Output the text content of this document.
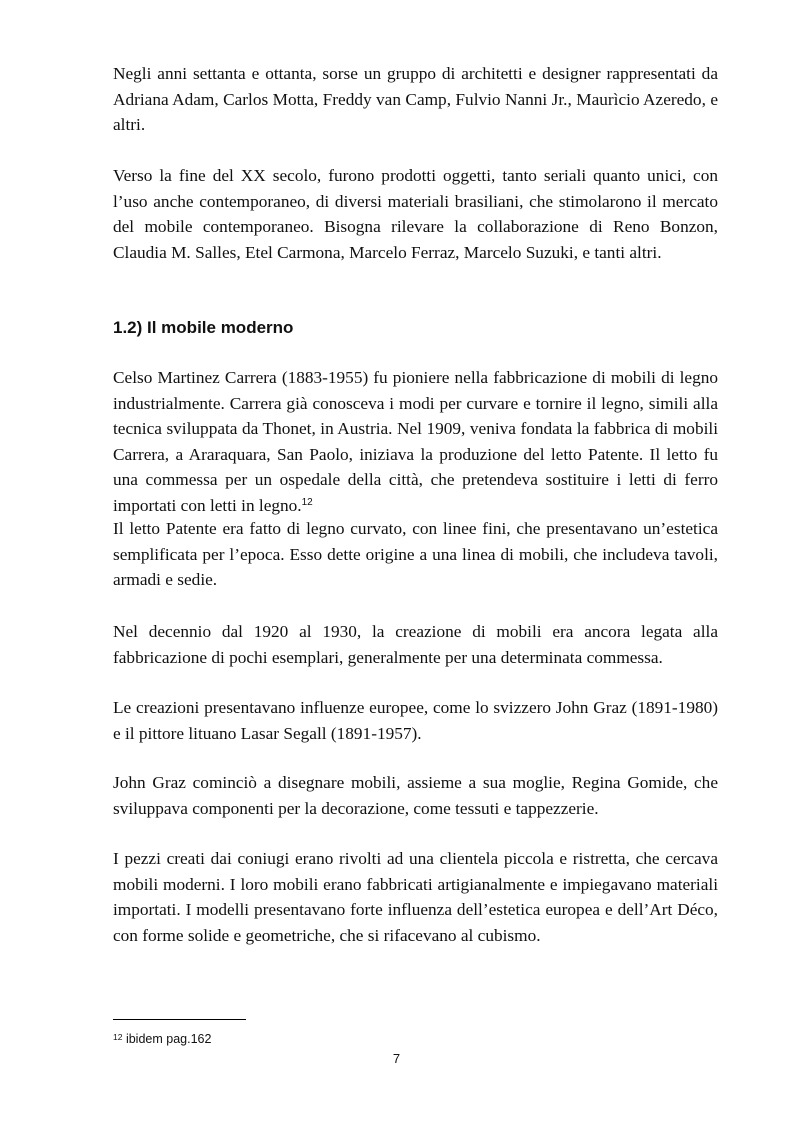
Negli anni settanta e ottanta, sorse un gruppo di architetti e designer rappresentati da Adriana Adam, Carlos Motta, Freddy van Camp, Fulvio Nanni Jr., Maurìcio Azeredo, e altri.

Verso la fine del XX secolo, furono prodotti oggetti, tanto seriali quanto unici, con l’uso anche contemporaneo, di diversi materiali brasiliani, che stimolarono il mercato del mobile contemporaneo. Bisogna rilevare la collaborazione di Reno Bonzon, Claudia M. Salles, Etel Carmona, Marcelo Ferraz, Marcelo Suzuki, e tanti altri.

1.2) Il mobile moderno

Celso Martinez Carrera (1883-1955) fu pioniere nella fabbricazione di mobili di legno industrialmente. Carrera già conosceva i modi per curvare e tornire il legno, simili alla tecnica sviluppata da Thonet, in Austria. Nel 1909, veniva fondata la fabbrica di mobili Carrera, a Araraquara, San Paolo, iniziava la produzione del letto Patente. Il letto fu una commessa per un ospedale della città, che pretendeva sostituire i letti di ferro importati con letti in legno.$^{12}$

Il letto Patente era fatto di legno curvato, con linee fini, che presentavano un’estetica semplificata per l’epoca. Esso dette origine a una linea di mobili, che includeva tavoli, armadi e sedie.

Nel decennio dal 1920 al 1930, la creazione di mobili era ancora legata alla fabbricazione di pochi esemplari, generalmente per una determinata commessa.

Le creazioni presentavano influenze europee, come lo svizzero John Graz (1891-1980) e il pittore lituano Lasar Segall (1891-1957).

John Graz cominciò a disegnare mobili, assieme a sua moglie, Regina Gomide, che sviluppava componenti per la decorazione, come tessuti e tappezzerie.

I pezzi creati dai coniugi erano rivolti ad una clientela piccola e ristretta, che cercava mobili moderni. I loro mobili erano fabbricati artigianalmente e impiegavano materiali importati. I modelli presentavano forte influenza dell’estetica europea e dell’Art Déco, con forme solide e geometriche, che si rifacevano al cubismo.

$^{12}$ ibidem pag.162

7
